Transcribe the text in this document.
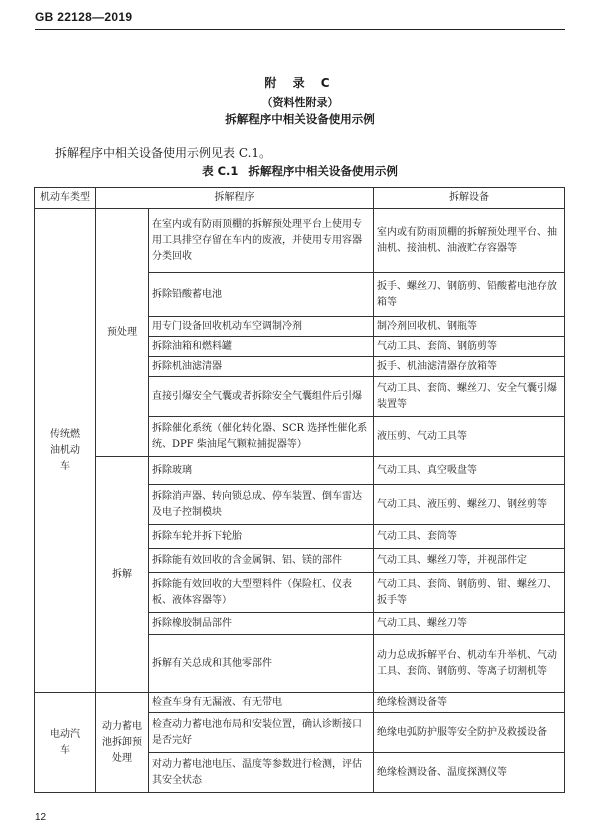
GB 22128—2019
附 录 C
（资料性附录）
拆解程序中相关设备使用示例
拆解程序中相关设备使用示例见表 C.1。
表 C.1 拆解程序中相关设备使用示例
机动车类型	拆解程序		拆解设备

传统燃油机动车	预处理	在室内或有防雨顶棚的拆解预处理平台上使用专用工具排空存留在车内的废液，并使用专用容器分类回收	室内或有防雨顶棚的拆解预处理平台、抽油机、接油机、油液贮存容器等
		拆除铅酸蓄电池	扳手、螺丝刀、钢筋剪、铅酸蓄电池存放箱等
		用专门设备回收机动车空调制冷剂	制冷剂回收机、钢瓶等
		拆除油箱和燃料罐	气动工具、套筒、钢筋剪等
		拆除机油滤清器	扳手、机油滤清器存放箱等
		直接引爆安全气囊或者拆除安全气囊组件后引爆	气动工具、套筒、螺丝刀、安全气囊引爆装置等
		拆除催化系统（催化转化器、SCR 选择性催化系统、DPF 柴油尾气颗粒捕捉器等）	液压剪、气动工具等
	拆解	拆除玻璃	气动工具、真空吸盘等
		拆除消声器、转向锁总成、停车装置、倒车雷达及电子控制模块	气动工具、液压剪、螺丝刀、钢丝剪等
		拆除车轮并拆下轮胎	气动工具、套筒等
		拆除能有效回收的含金属铜、铝、镁的部件	气动工具、螺丝刀等，并视部件定
		拆除能有效回收的大型塑料件（保险杠、仪表板、液体容器等）	气动工具、套筒、钢筋剪、钳、螺丝刀、扳手等
		拆除橡胶制品部件	气动工具、螺丝刀等
		拆解有关总成和其他零部件	动力总成拆解平台、机动车升举机、气动工具、套筒、钢筋剪、等离子切割机等

电动汽车	动力蓄电池拆卸预处理	检查车身有无漏液、有无带电	绝缘检测设备等
		检查动力蓄电池布局和安装位置，确认诊断接口是否完好	绝缘电弧防护服等安全防护及救援设备
		对动力蓄电池电压、温度等参数进行检测，评估其安全状态	绝缘检测设备、温度探测仪等
12
